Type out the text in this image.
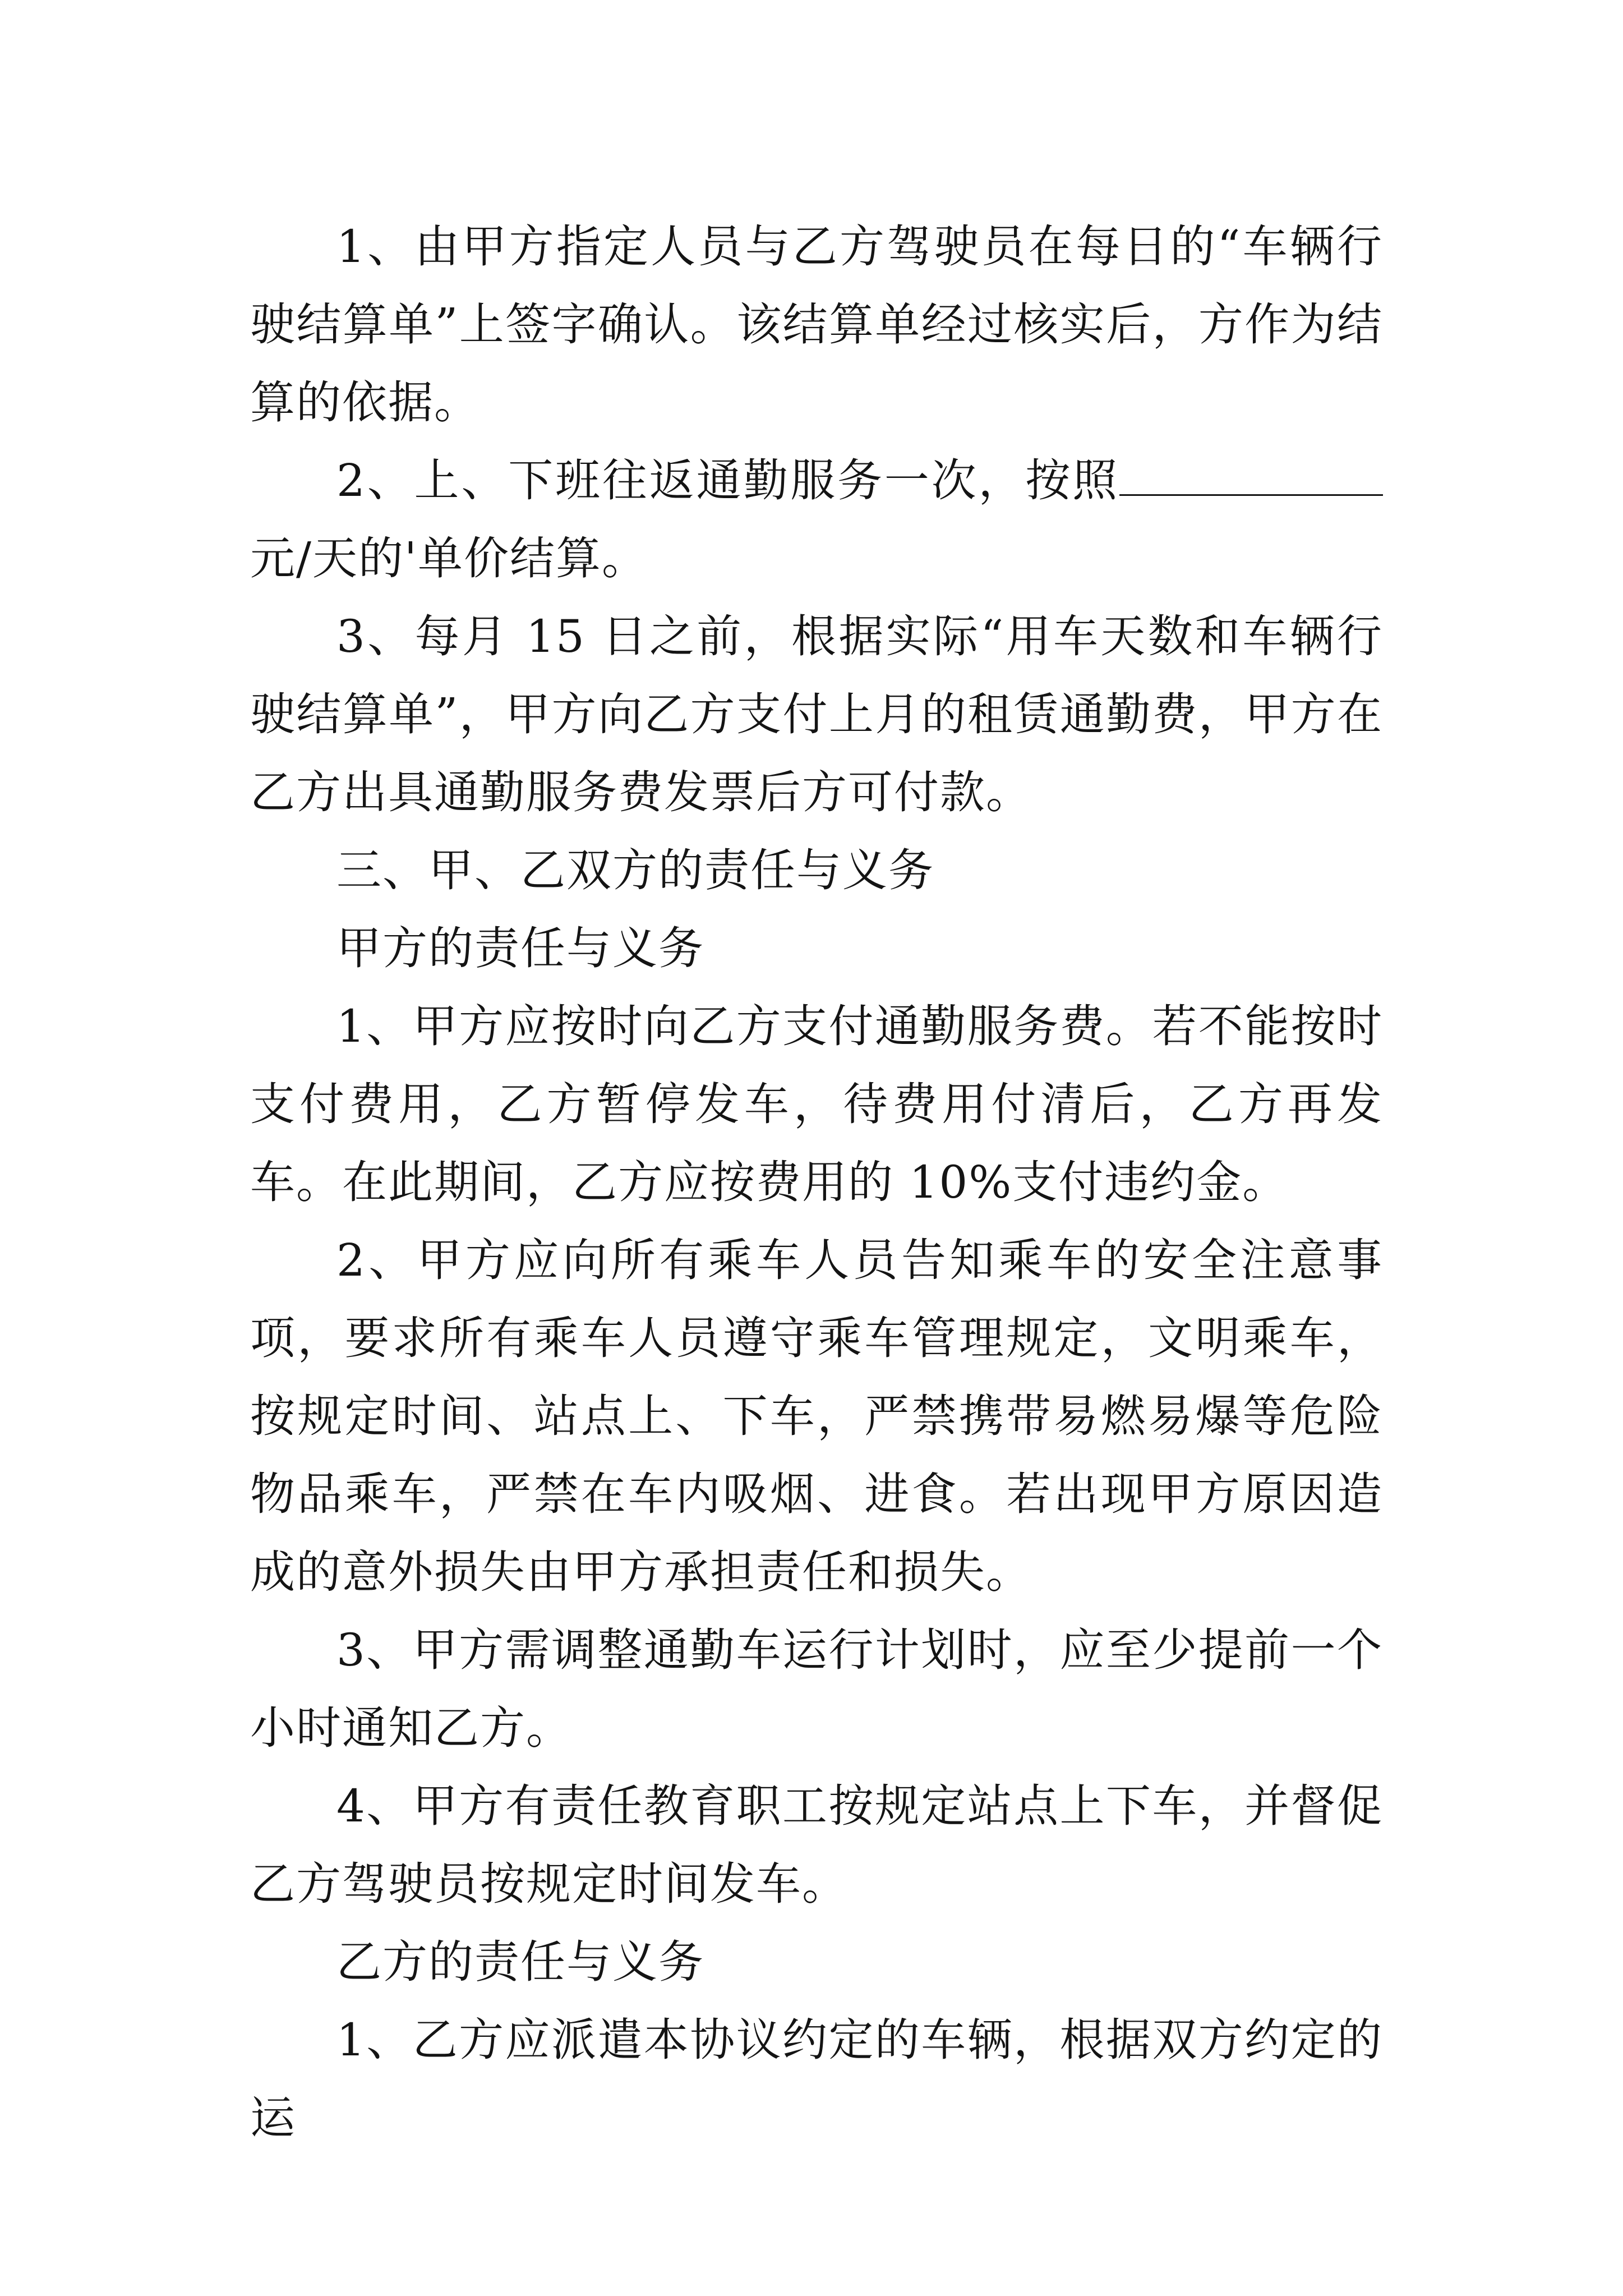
1、由甲方指定人员与乙方驾驶员在每日的“车辆行驶结算单”上签字确认。该结算单经过核实后，方作为结算的依据。

2、上、下班往返通勤服务一次，按照元/天的'单价结算。

3、每月 15 日之前，根据实际“用车天数和车辆行驶结算单”，甲方向乙方支付上月的租赁通勤费，甲方在乙方出具通勤服务费发票后方可付款。

三、甲、乙双方的责任与义务

甲方的责任与义务

1、甲方应按时向乙方支付通勤服务费。若不能按时支付费用，乙方暂停发车，待费用付清后，乙方再发车。在此期间，乙方应按费用的 10%支付违约金。

2、甲方应向所有乘车人员告知乘车的安全注意事项，要求所有乘车人员遵守乘车管理规定，文明乘车，按规定时间、站点上、下车，严禁携带易燃易爆等危险物品乘车，严禁在车内吸烟、进食。若出现甲方原因造成的意外损失由甲方承担责任和损失。

3、甲方需调整通勤车运行计划时，应至少提前一个小时通知乙方。

4、甲方有责任教育职工按规定站点上下车，并督促乙方驾驶员按规定时间发车。

乙方的责任与义务

1、乙方应派遣本协议约定的车辆，根据双方约定的运
